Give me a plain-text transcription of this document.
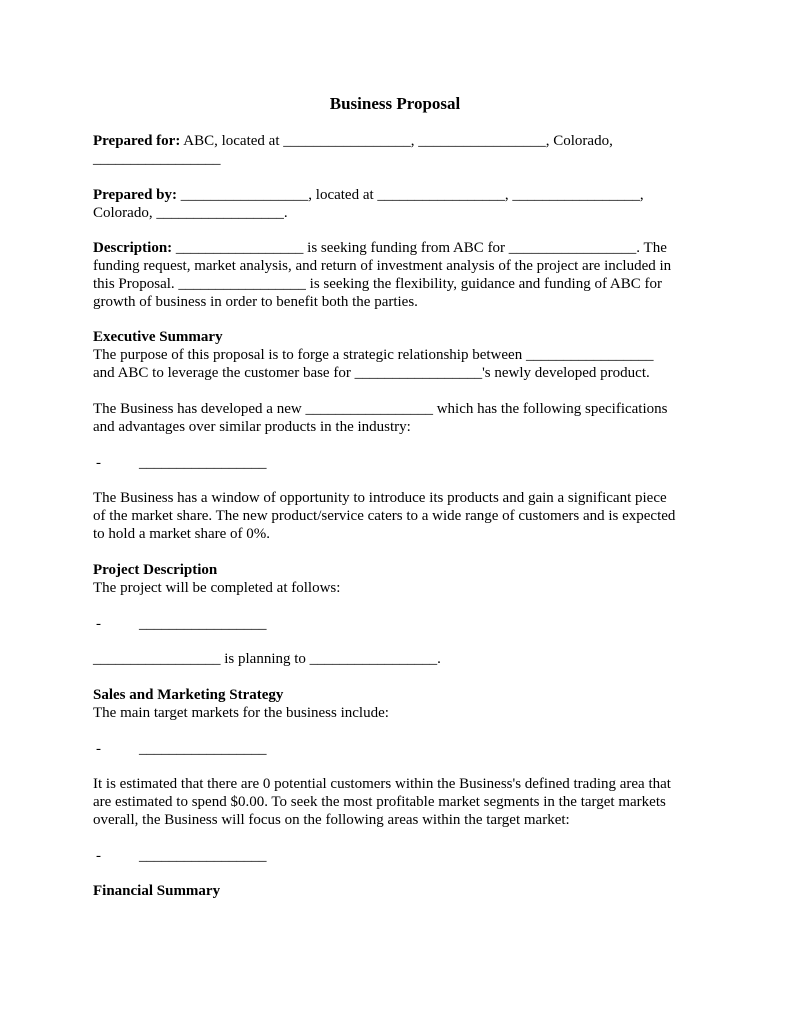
Business Proposal
Prepared for: ABC, located at _________________, _________________, Colorado,
_________________
Prepared by: _________________, located at _________________, _________________,
Colorado, _________________.
Description: _________________ is seeking funding from ABC for _________________. The
funding request, market analysis, and return of investment analysis of the project are included in
this Proposal. _________________ is seeking the flexibility, guidance and funding of ABC for
growth of business in order to benefit both the parties.
Executive Summary
The purpose of this proposal is to forge a strategic relationship between _________________
and ABC to leverage the customer base for _________________'s newly developed product.
The Business has developed a new _________________ which has the following specifications
and advantages over similar products in the industry:
-	_________________
The Business has a window of opportunity to introduce its products and gain a significant piece
of the market share. The new product/service caters to a wide range of customers and is expected
to hold a market share of 0%.
Project Description
The project will be completed at follows:
-	_________________
_________________ is planning to _________________.
Sales and Marketing Strategy
The main target markets for the business include:
-	_________________
It is estimated that there are 0 potential customers within the Business's defined trading area that
are estimated to spend $0.00. To seek the most profitable market segments in the target markets
overall, the Business will focus on the following areas within the target market:
-	_________________
Financial Summary
